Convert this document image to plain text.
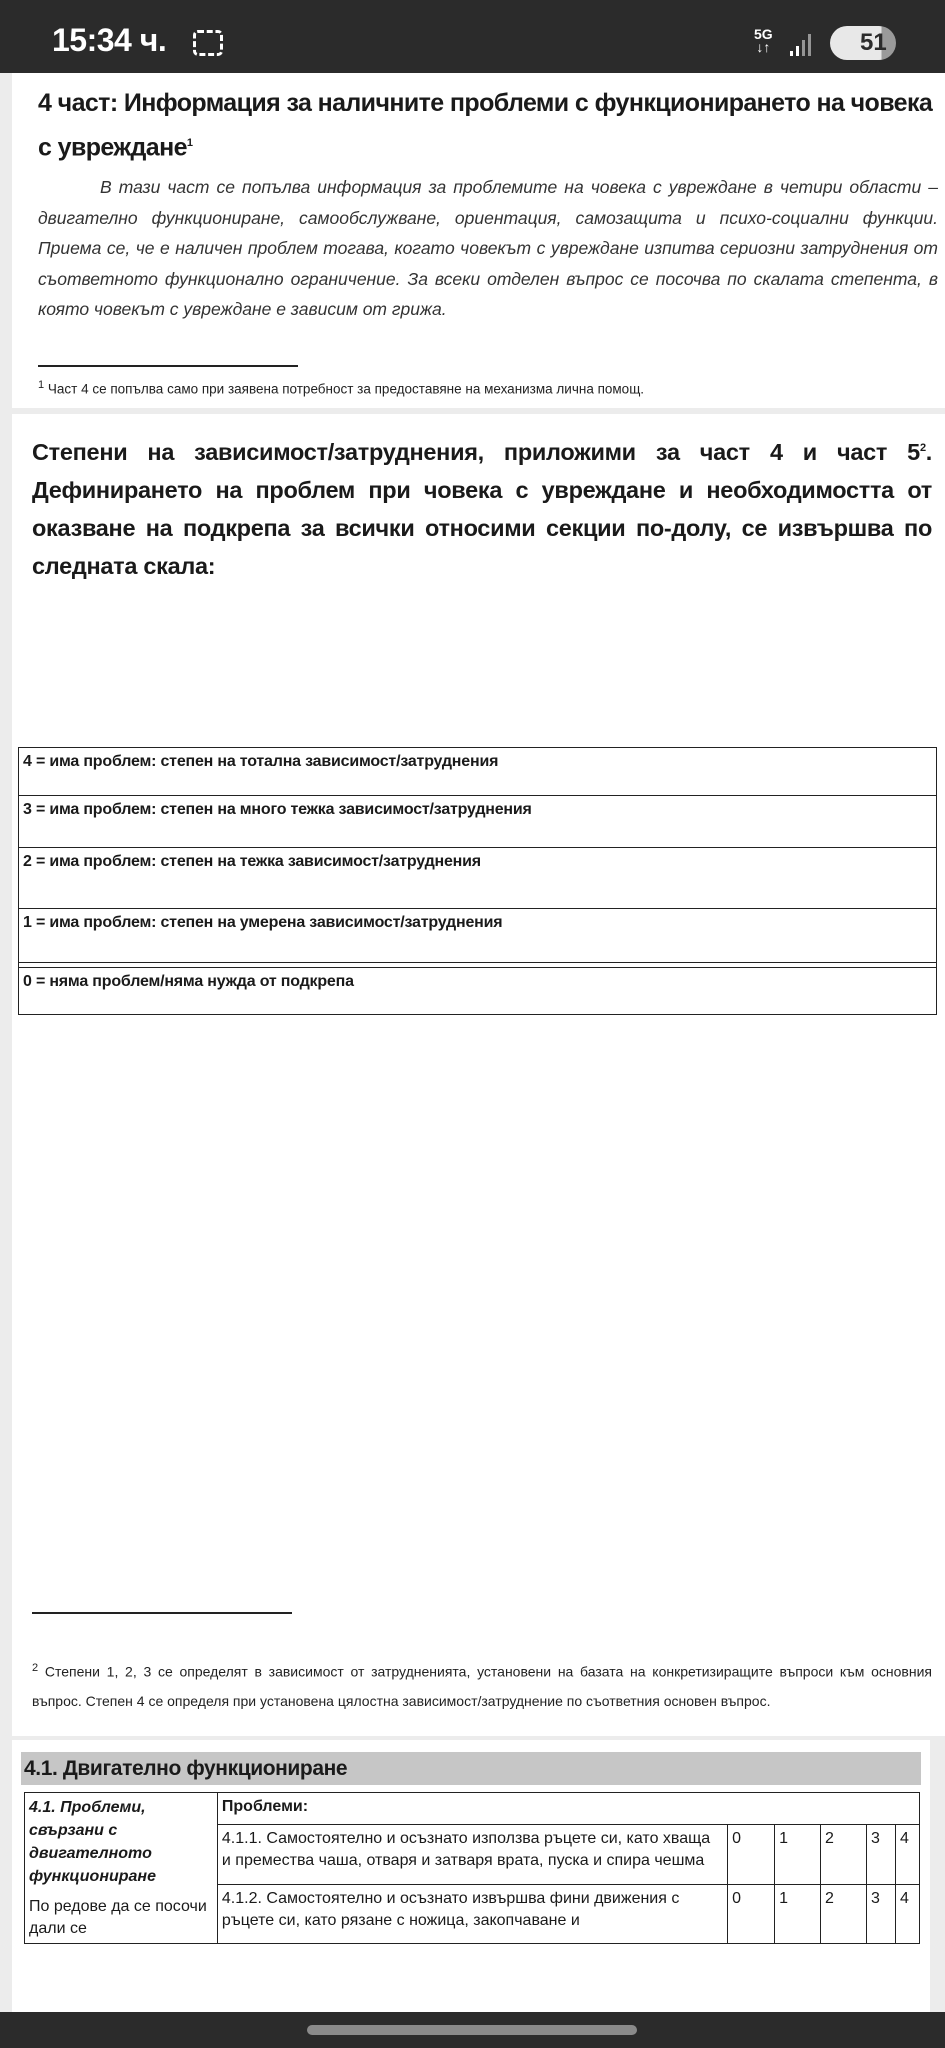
15:34 ч.	5G
↓↑	51
4 част: Информация за наличните проблеми с функционирането на човека с увреждане$^1$

В тази част се попълва информация за проблемите на човека с увреждане в четири области – двигателно функциониране, самообслужване, ориентация, самозащита и психо-социални функции. Приема се, че е наличен проблем тогава, когато човекът с увреждане изпитва сериозни затруднения от съответното функционално ограничение. За всеки отделен въпрос се посочва по скалата степента, в която човекът с увреждане е зависим от грижа.

$^1$ Част 4 се попълва само при заявена потребност за предоставяне на механизма лична помощ.
Степени на зависимост/затруднения, приложими за част 4 и част $5^2$. Дефинирането на проблем при човека с увреждане и необходимостта от оказване на подкрепа за всички относими секции по-долу, се извършва по следната скала:
4 = има проблем: степен на тотална зависимост/затруднения
3 = има проблем: степен на много тежка зависимост/затруднения
2 = има проблем: степен на тежка зависимост/затруднения
1 = има проблем: степен на умерена зависимост/затруднения
0 = няма проблем/няма нужда от подкрепа
$^2$ Степени 1, 2, 3 се определят в зависимост от затрудненията, установени на базата на конкретизиращите въпроси към основния въпрос. Степен 4 се определя при установена цялостна зависимост/затруднение по съответния основен въпрос.
4.1. Двигателно функциониране
4.1. Проблеми, свързани с двигателното функциониране
По редове да се посочи дали се	Проблеми:					
	4.1.1. Самостоятелно и осъзнато използва ръцете си, като хваща и премества чаша, отваря и затваря врата, пуска и спира чешма	0	1	2	3	4
	4.1.2. Самостоятелно и осъзнато извършва фини движения с ръцете си, като рязане с ножица, закопчаване и	0	1	2	3	4
